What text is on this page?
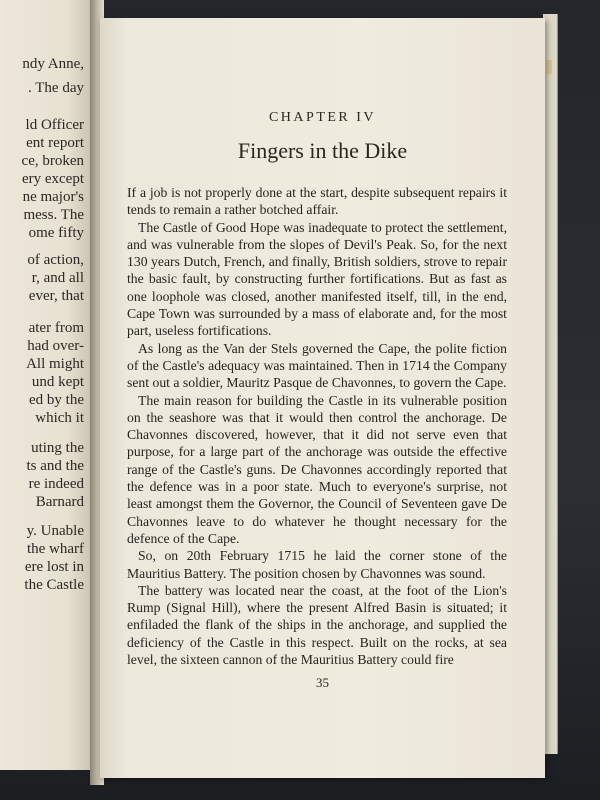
ndy Anne,
. The day
ld Officer
ent report
ce, broken
ery except
ne major's
mess. The
ome fifty
of action,
r, and all
ever, that
ater from
had over-
All might
und kept
ed by the
which it
uting the
ts and the
re indeed
Barnard
y. Unable
the wharf
ere lost in
the Castle
CHAPTER IV
Fingers in the Dike

If a job is not properly done at the start, despite subsequent repairs it tends to remain a rather botched affair.

The Castle of Good Hope was inadequate to protect the settlement, and was vulnerable from the slopes of Devil's Peak. So, for the next 130 years Dutch, French, and finally, British soldiers, strove to repair the basic fault, by constructing further fortifications. But as fast as one loophole was closed, another manifested itself, till, in the end, Cape Town was surrounded by a mass of elaborate and, for the most part, useless fortifications.

As long as the Van der Stels governed the Cape, the polite fiction of the Castle's adequacy was maintained. Then in 1714 the Company sent out a soldier, Mauritz Pasque de Chavonnes, to govern the Cape.

The main reason for building the Castle in its vulnerable position on the seashore was that it would then control the anchorage. De Chavonnes discovered, however, that it did not serve even that purpose, for a large part of the anchorage was outside the effective range of the Castle's guns. De Chavonnes accordingly reported that the defence was in a poor state. Much to everyone's surprise, not least amongst them the Governor, the Council of Seventeen gave De Chavonnes leave to do whatever he thought necessary for the defence of the Cape.

So, on 20th February 1715 he laid the corner stone of the Mauritius Battery. The position chosen by Chavonnes was sound.

The battery was located near the coast, at the foot of the Lion's Rump (Signal Hill), where the present Alfred Basin is situated; it enfiladed the flank of the ships in the anchorage, and supplied the deficiency of the Castle in this respect. Built on the rocks, at sea level, the sixteen cannon of the Mauritius Battery could fire

35
